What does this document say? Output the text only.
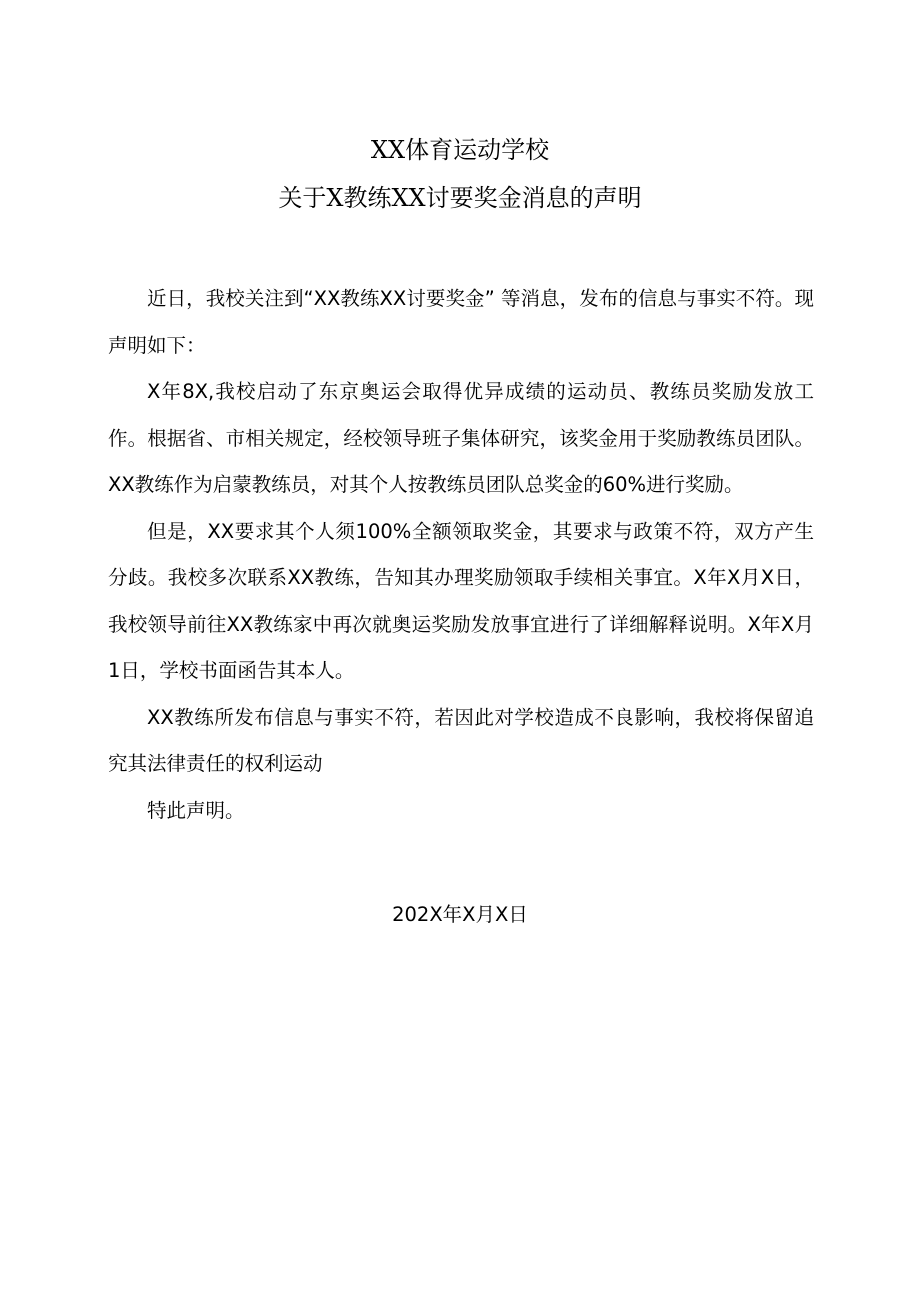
XX体育运动学校
关于X教练XX讨要奖金消息的声明

近日，我校关注到“XX教练XX讨要奖金” 等消息，发布的信息与事实不符。现声明如下：

X年8X,我校启动了东京奥运会取得优异成绩的运动员、教练员奖励发放工作。根据省、市相关规定，经校领导班子集体研究，该奖金用于奖励教练员团队。XX教练作为启蒙教练员，对其个人按教练员团队总奖金的60%进行奖励。

但是，XX要求其个人须100%全额领取奖金，其要求与政策不符，双方产生分歧。我校多次联系XX教练，告知其办理奖励领取手续相关事宜。X年X月X日，我校领导前往XX教练家中再次就奥运奖励发放事宜进行了详细解释说明。X年X月1日，学校书面函告其本人。

XX教练所发布信息与事实不符，若因此对学校造成不良影响，我校将保留追究其法律责任的权利运动

特此声明。

202X年X月X日
